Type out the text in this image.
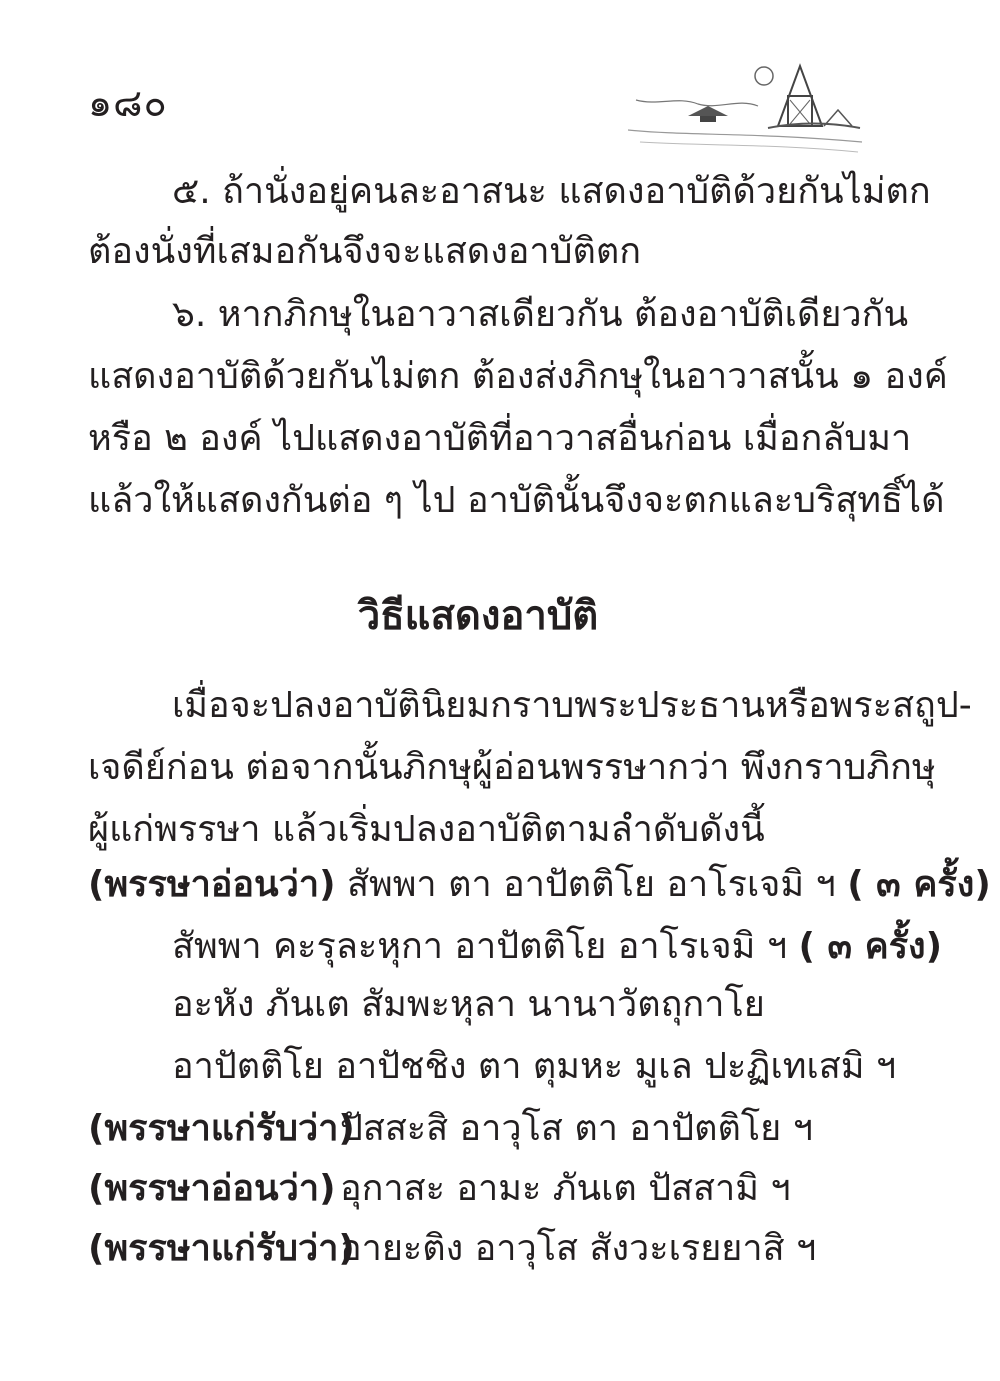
๑๘๐
๕. ถ้านั่งอยู่คนละอาสนะ แสดงอาบัติด้วยกันไม่ตก
ต้องนั่งที่เสมอกันจึงจะแสดงอาบัติตก
๖. หากภิกษุในอาวาสเดียวกัน ต้องอาบัติเดียวกัน
แสดงอาบัติด้วยกันไม่ตก ต้องส่งภิกษุในอาวาสนั้น ๑ องค์
หรือ ๒ องค์ ไปแสดงอาบัติที่อาวาสอื่นก่อน เมื่อกลับมา
แล้วให้แสดงกันต่อ ๆ ไป อาบัตินั้นจึงจะตกและบริสุทธิ์ได้
วิธีแสดงอาบัติ
เมื่อจะปลงอาบัตินิยมกราบพระประธานหรือพระสถูป-
เจดีย์ก่อน ต่อจากนั้นภิกษุผู้อ่อนพรรษากว่า พึงกราบภิกษุ
ผู้แก่พรรษา แล้วเริ่มปลงอาบัติตามลำดับดังนี้
(พรรษาอ่อนว่า) สัพพา ตา อาปัตติโย อาโรเจมิ ฯ ( ๓ ครั้ง)
สัพพา คะรุละหุกา อาปัตติโย อาโรเจมิ ฯ ( ๓ ครั้ง)
อะหัง ภันเต สัมพะหุลา นานาวัตถุกาโย
อาปัตติโย อาปัชชิง ตา ตุมหะ มูเล ปะฏิเทเสมิ ฯ
(พรรษาแก่รับว่า)ปัสสะสิ อาวุโส ตา อาปัตติโย ฯ
(พรรษาอ่อนว่า) อุกาสะ อามะ ภันเต ปัสสามิ ฯ
(พรรษาแก่รับว่า)อายะติง อาวุโส สังวะเรยยาสิ ฯ
